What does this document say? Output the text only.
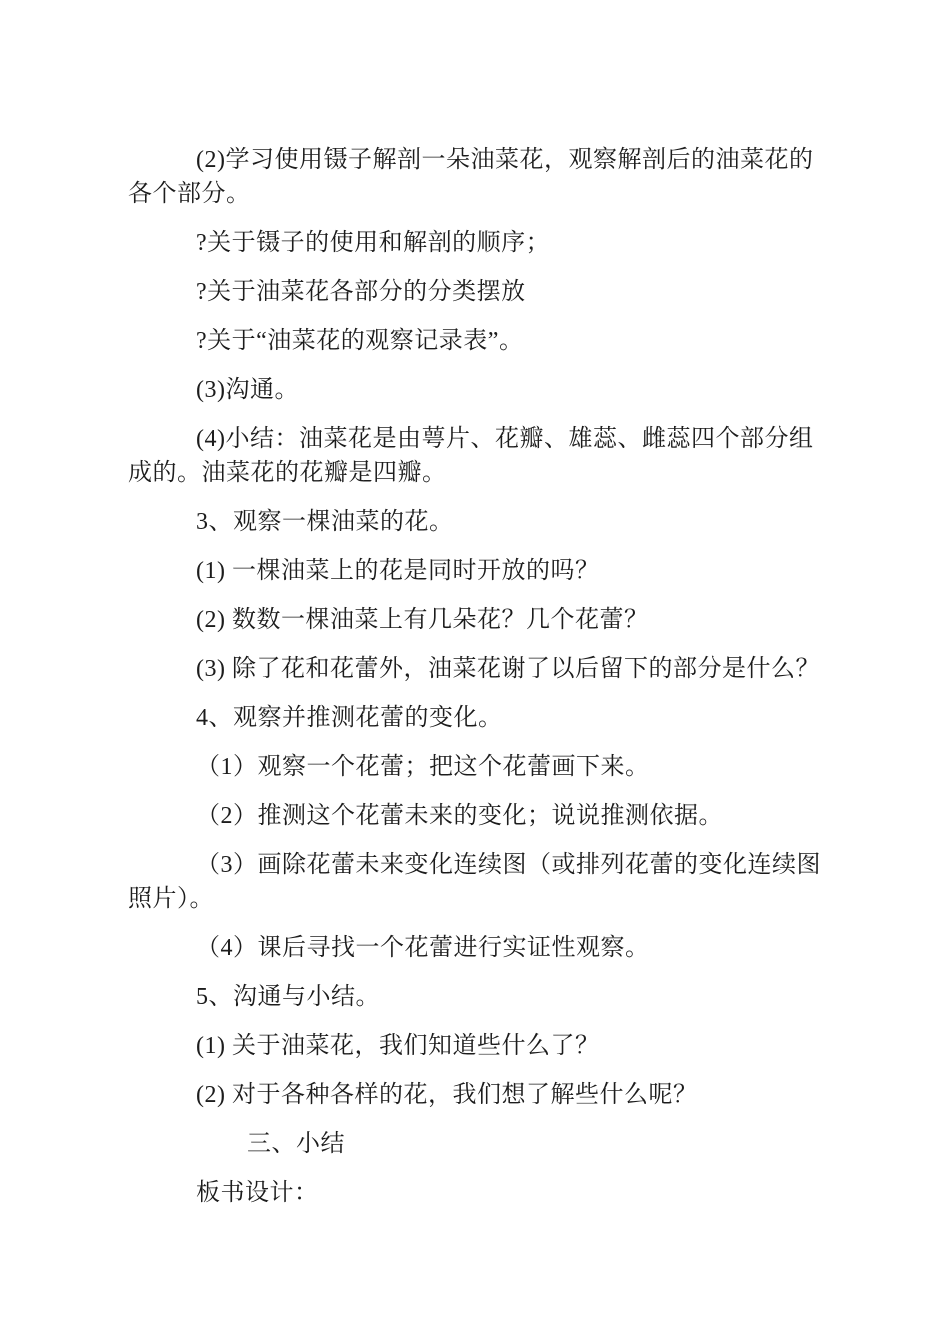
(2)学习使用镊子解剖一朵油菜花，观察解剖后的油菜花的各个部分。

?关于镊子的使用和解剖的顺序；

?关于油菜花各部分的分类摆放

?关于“油菜花的观察记录表”。

(3)沟通。

(4)小结：油菜花是由萼片、花瓣、雄蕊、雌蕊四个部分组成的。油菜花的花瓣是四瓣。

3、观察一棵油菜的花。

(1) 一棵油菜上的花是同时开放的吗？

(2) 数数一棵油菜上有几朵花？几个花蕾？

(3) 除了花和花蕾外，油菜花谢了以后留下的部分是什么？

4、观察并推测花蕾的变化。

（1）观察一个花蕾；把这个花蕾画下来。

（2）推测这个花蕾未来的变化；说说推测依据。

（3）画除花蕾未来变化连续图（或排列花蕾的变化连续图照片）。

（4）课后寻找一个花蕾进行实证性观察。

5、沟通与小结。

(1) 关于油菜花，我们知道些什么了？

(2) 对于各种各样的花，我们想了解些什么呢？

三、小结

板书设计：
